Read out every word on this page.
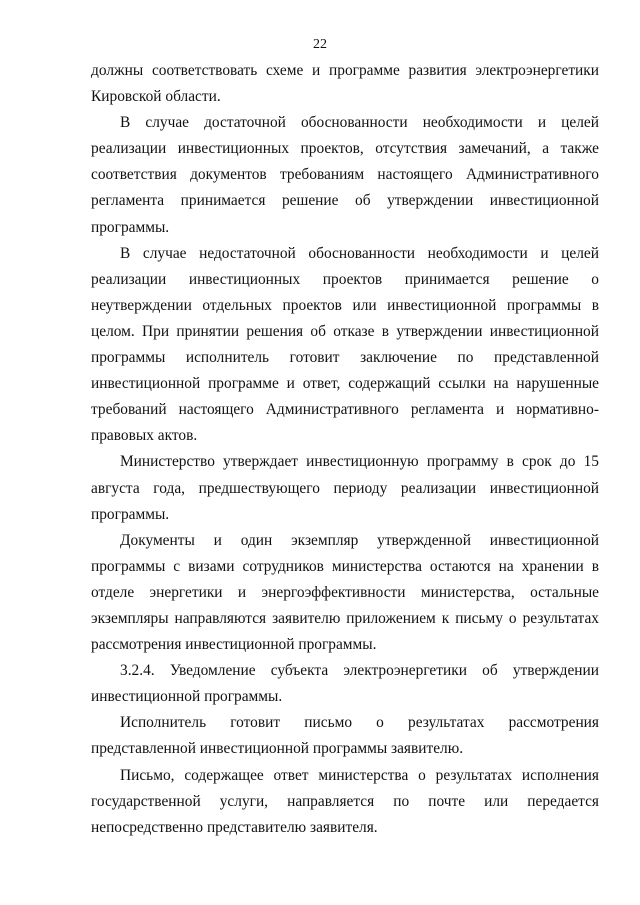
22

должны соответствовать схеме и программе развития электроэнергетики Кировской области.

В случае достаточной обоснованности необходимости и целей реализации инвестиционных проектов, отсутствия замечаний, а также соответствия документов требованиям настоящего Административного регламента принимается решение об утверждении инвестиционной программы.

В случае недостаточной обоснованности необходимости и целей реализации инвестиционных проектов принимается решение о неутверждении отдельных проектов или инвестиционной программы в целом. При принятии решения об отказе в утверждении инвестиционной программы исполнитель готовит заключение по представленной инвестиционной программе и ответ, содержащий ссылки на нарушенные требований настоящего Административного регламента и нормативно-правовых актов.

Министерство утверждает инвестиционную программу в срок до 15 августа года, предшествующего периоду реализации инвестиционной программы.

Документы и один экземпляр утвержденной инвестиционной программы с визами сотрудников министерства остаются на хранении в отделе энергетики и энергоэффективности министерства, остальные экземпляры направляются заявителю приложением к письму о результатах рассмотрения инвестиционной программы.

3.2.4. Уведомление субъекта электроэнергетики об утверждении инвестиционной программы.

Исполнитель готовит письмо о результатах рассмотрения представленной инвестиционной программы заявителю.

Письмо, содержащее ответ министерства о результатах исполнения государственной услуги, направляется по почте или передается непосредственно представителю заявителя.
